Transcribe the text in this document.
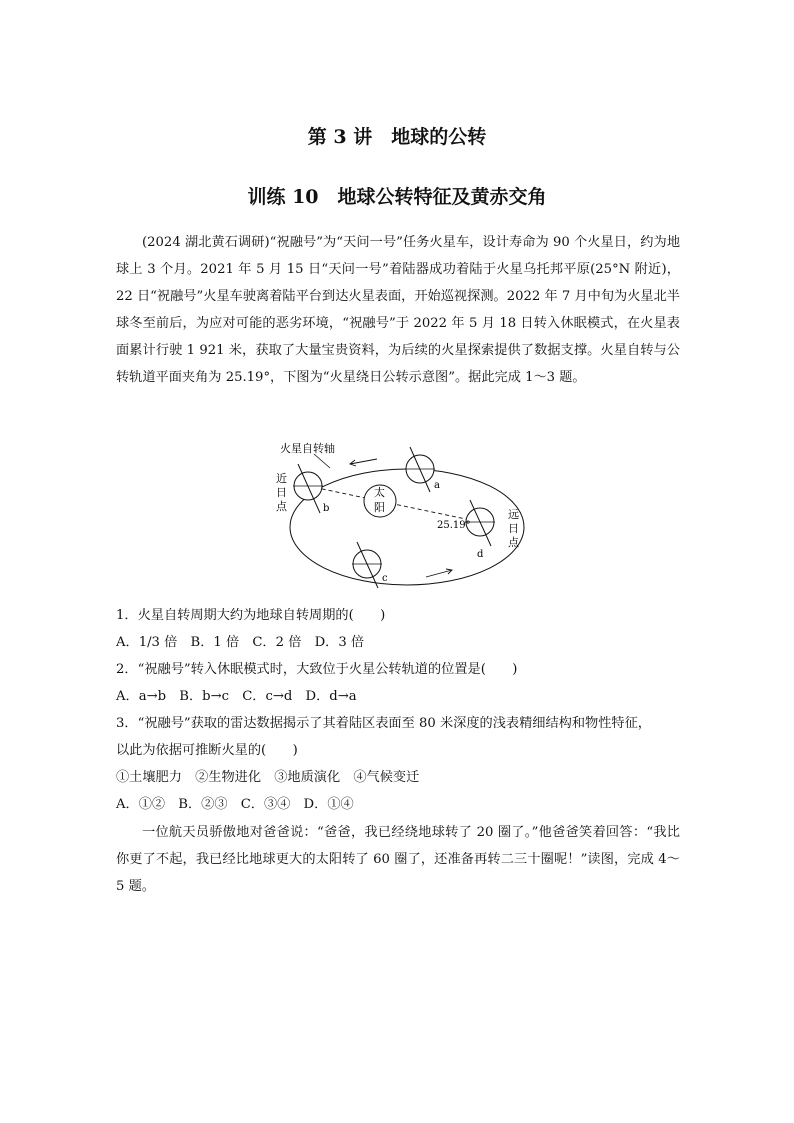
第 3 讲　地球的公转
训练 10　地球公转特征及黄赤交角
(2024 湖北黄石调研)“祝融号”为“天问一号”任务火星车，设计寿命为 90 个火星日，约为地球上 3 个月。2021 年 5 月 15 日“天问一号”着陆器成功着陆于火星乌托邦平原(25°N 附近)，22 日“祝融号”火星车驶离着陆平台到达火星表面，开始巡视探测。2022 年 7 月中旬为火星北半球冬至前后，为应对可能的恶劣环境，“祝融号”于 2022 年 5 月 18 日转入休眠模式，在火星表面累计行驶 1 921 米，获取了大量宝贵资料，为后续的火星探索提供了数据支撑。火星自转与公转轨道平面夹角为 25.19°，下图为“火星绕日公转示意图”。据此完成 1～3 题。
火星自转轴
太
阳
b
近
日
点
a
25.19°
d
远
日
点
c
1．火星自转周期大约为地球自转周期的(　　)
A．1/3 倍　B．1 倍　C．2 倍　D．3 倍
2．“祝融号”转入休眠模式时，大致位于火星公转轨道的位置是(　　)
A．a→b　B．b→c　C．c→d　D．d→a
3．“祝融号”获取的雷达数据揭示了其着陆区表面至 80 米深度的浅表精细结构和物性特征，
以此为依据可推断火星的(　　)
①土壤肥力　②生物进化　③地质演化　④气候变迁
A．①②　B．②③　C．③④　D．①④
一位航天员骄傲地对爸爸说：“爸爸，我已经绕地球转了 20 圈了。”他爸爸笑着回答：“我比你更了不起，我已经比地球更大的太阳转了 60 圈了，还准备再转二三十圈呢！”读图，完成 4～5 题。
